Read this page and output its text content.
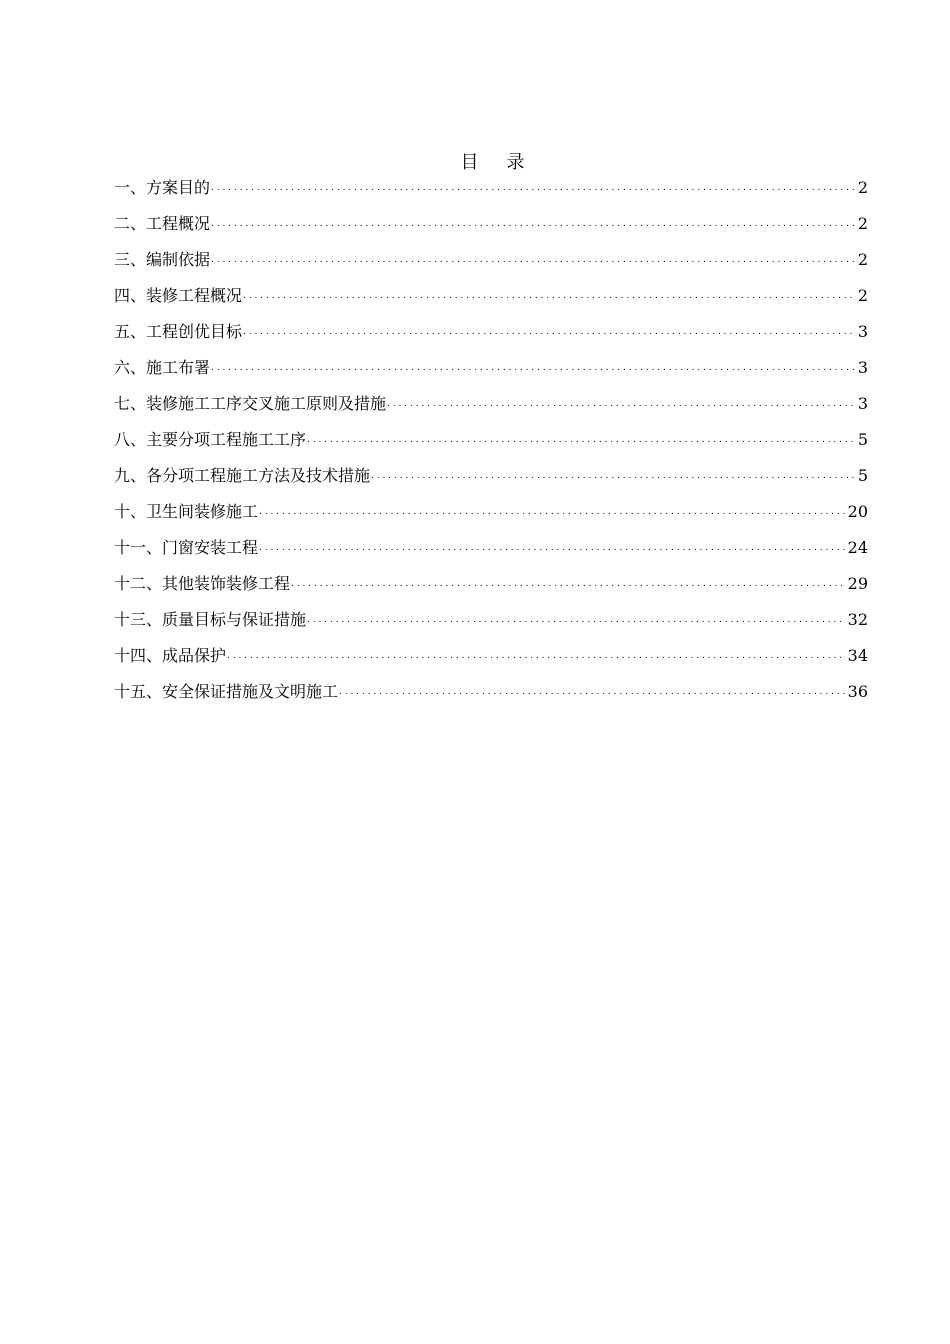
目 录
一、方案目的 . . .	2
二、工程概况 . . .	2
三、编制依据 . . .	2
四、装修工程概况 . . .	2
五、工程创优目标 . . .	3
六、施工布署 . . .	3
七、装修施工工序交叉施工原则及措施 . . .	3
八、主要分项工程施工工序 . . .	5
九、各分项工程施工方法及技术措施 . . .	5
十、卫生间装修施工 . . .	20
十一、门窗安装工程 . . .	24
十二、其他装饰装修工程 . . .	29
十三、质量目标与保证措施 . . .	32
十四、成品保护 . . .	34
十五、安全保证措施及文明施工 . . .	36
